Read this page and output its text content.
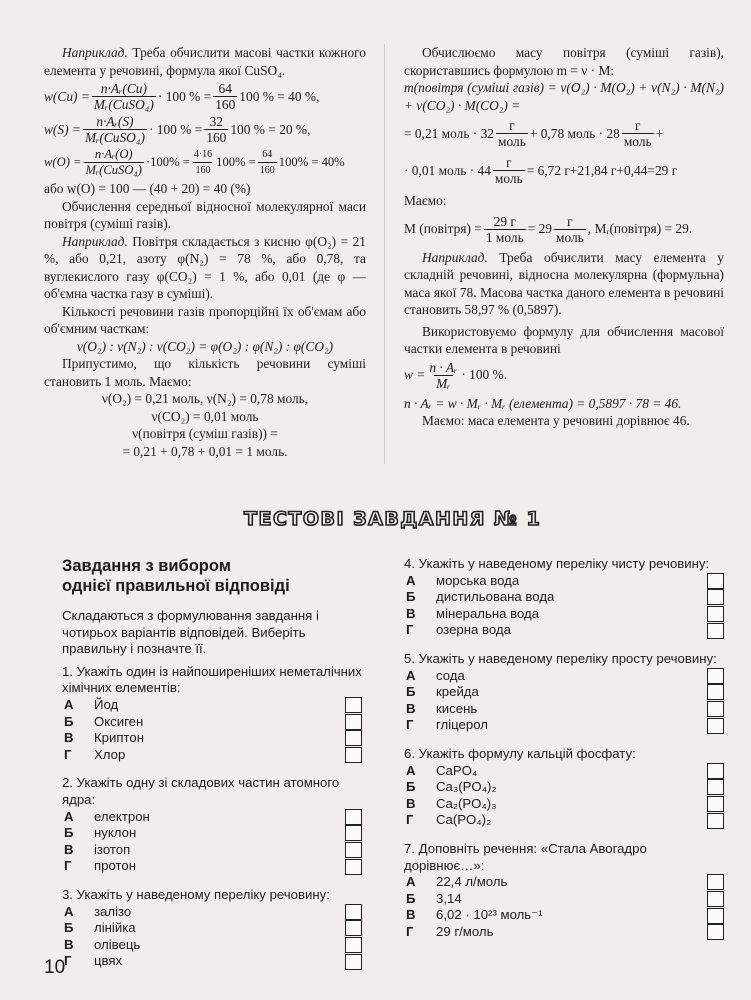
Наприклад. Треба обчислити масові частки кожного елемента у речовині, формула якої CuSO₄.

w(Cu) =
n·Aᵣ(Cu)
Mᵣ(CuSO₄)
· 100 % = $\frac{64}{160} 100$ % = 40 %,
w(S) =
n·Aᵣ(S)
Mᵣ(CuSO₄)
· 100 % = $\frac{32}{160} 100$ % = 20 %,
w(O) =
n·Aᵣ(O)
Mᵣ(CuSO₄)
$\cdot 100\% = \frac{4\cdot 16}{160} 100\% = \frac{64}{160} 100\% = 40\%$

або w(O) = 100 — (40 + 20) = 40 (%)

Обчислення середньої відносної молекулярної маси повітря (суміші газів).

Наприклад. Повітря складається з кисню φ(O₂) = 21 %, або 0,21, азоту φ(N₂) = 78 %, або 0,78, та вуглекислого газу φ(CO₂) = 1 %, або 0,01 (де φ — об'ємна частка газу в суміші).

Кількості речовини газів пропорційні їх об'ємам або об'ємним часткам:

ν(O₂) : ν(N₂) : ν(CO₂) = φ(O₂) : φ(N₂) : φ(CO₂)

Припустимо, що кількість речовини суміші становить 1 моль. Маємо:

ν(O₂) = 0,21 моль, ν(N₂) = 0,78 моль,

ν(CO₂) = 0,01 моль

ν(повітря (суміш газів)) =

= 0,21 + 0,78 + 0,01 = 1 моль.

Обчислюємо масу повітря (суміші газів), скориставшись формулою m = ν · M:

m(повітря (суміші газів) = ν(O₂) · M(O₂) + ν(N₂) · M(N₂) + ν(CO₂) · M(CO₂) =

= 0,21 моль · 32
г
моль
+ 0,78 моль · 28
г
моль
+
· 0,01 моль · 44
г
моль
= 6,72 г+21,84 г+0,44=29 г

Маємо:

M (повітря) =
29 г
1 моль
= 29
г
моль
, Mᵣ(повітря) = 29.

Наприклад. Треба обчислити масу елемента у складній речовині, відносна молекулярна (формульна) маса якої 78. Масова частка даного елемента в речовині становить 58,97 % (0,5897).

Використовуємо формулу для обчислення масової частки елемента в речовині

$w = \frac{\text{n · Aᵣ}}{\text{Mᵣ}} \cdot 100$ %.

n · Aᵣ = w · Mᵣ · Mᵣ (елемента) = 0,5897 · 78 = 46.

Маємо: маса елемента у речовині дорівнює 46.

ТЕСТОВІ ЗАВДАННЯ № 1
Завдання з вибором
однієї правильної відповіді

Складаються з формулювання завдання і чотирьох варіантів відповідей. Виберіть правильну і позначте її.

1. Укажіть один із найпоширеніших неметалічних хімічних елементів:

А	Йод
Б	Оксиген
В	Криптон
Г	Хлор

2. Укажіть одну зі складових частин атомного ядра:

А	електрон
Б	нуклон
В	ізотоп
Г	протон

3. Укажіть у наведеному переліку речовину:

А	залізо
Б	лінійка
В	олівець
Г	цвях

4. Укажіть у наведеному переліку чисту речовину:

А	морська вода
Б	дистильована вода
В	мінеральна вода
Г	озерна вода

5. Укажіть у наведеному переліку просту речовину:

А	сода
Б	крейда
В	кисень
Г	гліцерол

6. Укажіть формулу кальцій фосфату:

А	CaPO₄
Б	Ca₃(PO₄)₂
В	Ca₂(PO₄)₃
Г	Ca(PO₄)₂

7. Доповніть речення: «Стала Авогадро дорівнює…»:

А	22,4 л/моль
Б	3,14
В	6,02 · 10²³ моль⁻¹
Г	29 г/моль
10
